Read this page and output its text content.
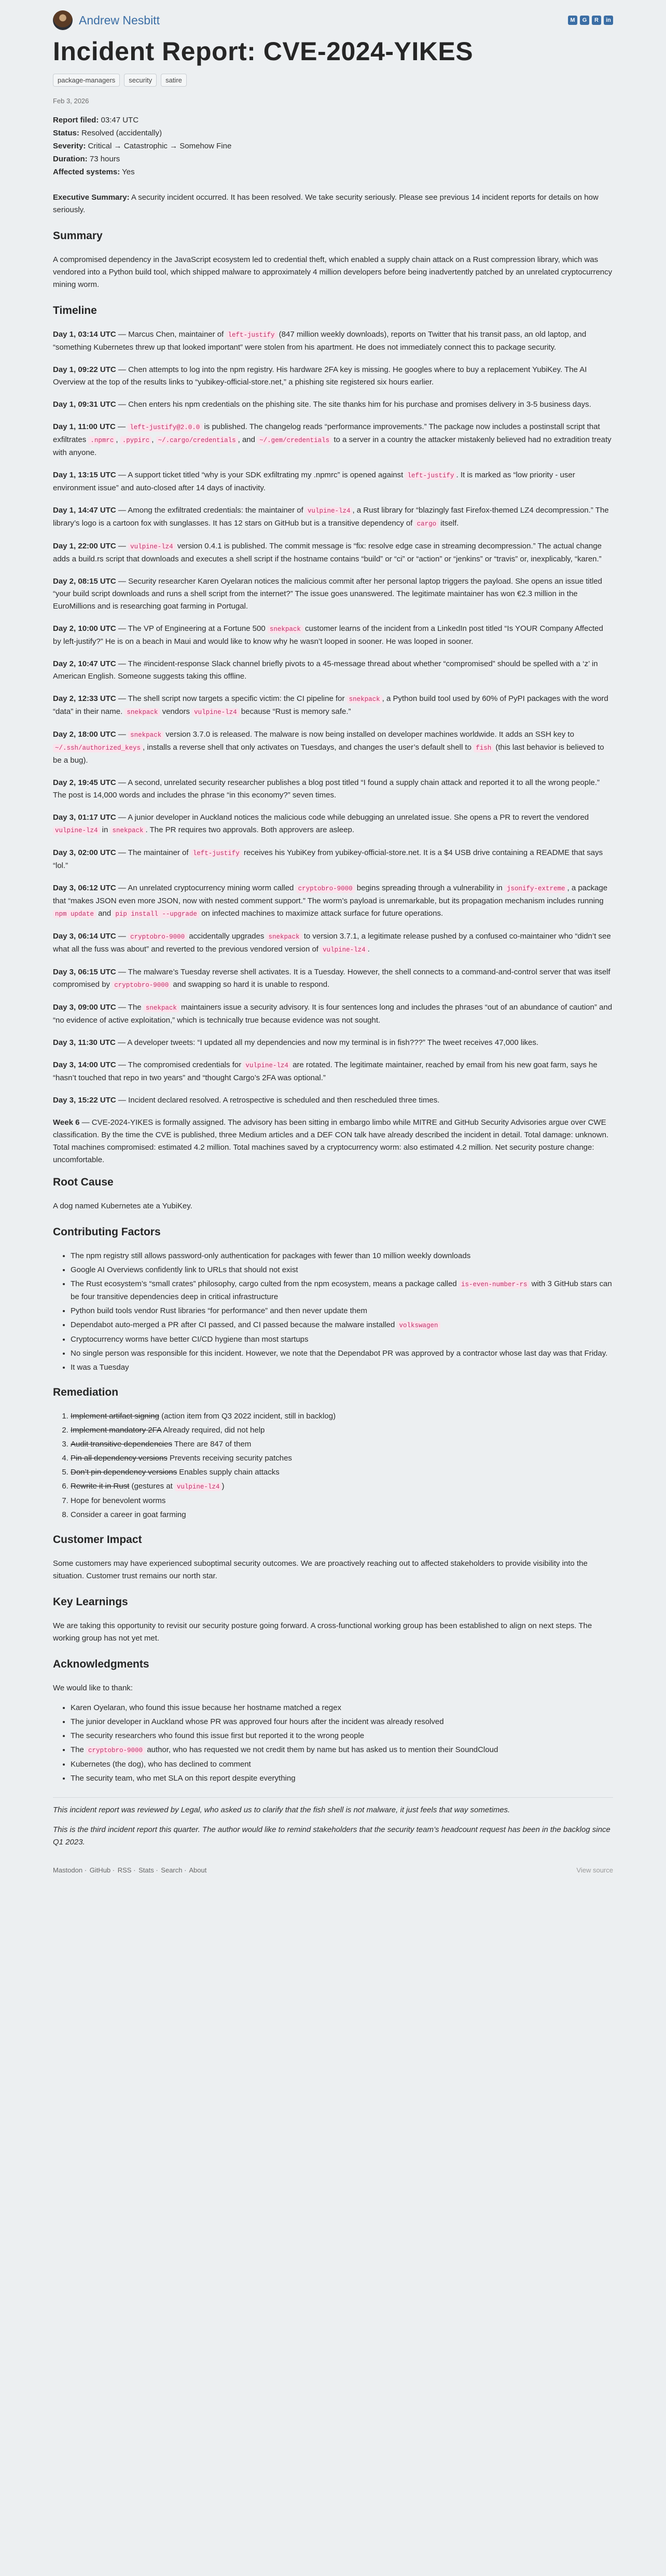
Andrew Nesbitt	M	G	R	in
Incident Report: CVE-2024-YIKES
package-managers	security	satire
Feb 3, 2026

Report filed: 03:47 UTC

Status: Resolved (accidentally)

Severity: Critical → Catastrophic → Somehow Fine

Duration: 73 hours

Affected systems: Yes

Executive Summary: A security incident occurred. It has been resolved. We take security seriously. Please see previous 14 incident reports for details on how seriously.

Summary

A compromised dependency in the JavaScript ecosystem led to credential theft, which enabled a supply chain attack on a Rust compression library, which was vendored into a Python build tool, which shipped malware to approximately 4 million developers before being inadvertently patched by an unrelated cryptocurrency mining worm.

Timeline

Day 1, 03:14 UTC — Marcus Chen, maintainer of left-justify (847 million weekly downloads), reports on Twitter that his transit pass, an old laptop, and “something Kubernetes threw up that looked important” were stolen from his apartment. He does not immediately connect this to package security.

Day 1, 09:22 UTC — Chen attempts to log into the npm registry. His hardware 2FA key is missing. He googles where to buy a replacement YubiKey. The AI Overview at the top of the results links to “yubikey-official-store.net,” a phishing site registered six hours earlier.

Day 1, 09:31 UTC — Chen enters his npm credentials on the phishing site. The site thanks him for his purchase and promises delivery in 3-5 business days.

Day 1, 11:00 UTC — left-justify@2.0.0 is published. The changelog reads “performance improvements.” The package now includes a postinstall script that exfiltrates .npmrc , .pypirc , ~/.cargo/credentials , and ~/.gem/credentials to a server in a country the attacker mistakenly believed had no extradition treaty with anyone.

Day 1, 13:15 UTC — A support ticket titled “why is your SDK exfiltrating my .npmrc” is opened against left-justify . It is marked as “low priority - user environment issue” and auto-closed after 14 days of inactivity.

Day 1, 14:47 UTC — Among the exfiltrated credentials: the maintainer of vulpine-lz4 , a Rust library for “blazingly fast Firefox-themed LZ4 decompression.” The library’s logo is a cartoon fox with sunglasses. It has 12 stars on GitHub but is a transitive dependency of cargo itself.

Day 1, 22:00 UTC — vulpine-lz4 version 0.4.1 is published. The commit message is “fix: resolve edge case in streaming decompression.” The actual change adds a build.rs script that downloads and executes a shell script if the hostname contains “build” or “ci” or “action” or “jenkins” or “travis” or, inexplicably, “karen.”

Day 2, 08:15 UTC — Security researcher Karen Oyelaran notices the malicious commit after her personal laptop triggers the payload. She opens an issue titled “your build script downloads and runs a shell script from the internet?” The issue goes unanswered. The legitimate maintainer has won €2.3 million in the EuroMillions and is researching goat farming in Portugal.

Day 2, 10:00 UTC — The VP of Engineering at a Fortune 500 snekpack customer learns of the incident from a LinkedIn post titled “Is YOUR Company Affected by left-justify?” He is on a beach in Maui and would like to know why he wasn’t looped in sooner. He was looped in sooner.

Day 2, 10:47 UTC — The #incident-response Slack channel briefly pivots to a 45-message thread about whether “compromised” should be spelled with a ‘z’ in American English. Someone suggests taking this offline.

Day 2, 12:33 UTC — The shell script now targets a specific victim: the CI pipeline for snekpack , a Python build tool used by 60% of PyPI packages with the word “data” in their name. snekpack vendors vulpine-lz4 because “Rust is memory safe.”

Day 2, 18:00 UTC — snekpack version 3.7.0 is released. The malware is now being installed on developer machines worldwide. It adds an SSH key to ~/.ssh/authorized_keys , installs a reverse shell that only activates on Tuesdays, and changes the user’s default shell to fish (this last behavior is believed to be a bug).

Day 2, 19:45 UTC — A second, unrelated security researcher publishes a blog post titled “I found a supply chain attack and reported it to all the wrong people.” The post is 14,000 words and includes the phrase “in this economy?” seven times.

Day 3, 01:17 UTC — A junior developer in Auckland notices the malicious code while debugging an unrelated issue. She opens a PR to revert the vendored vulpine-lz4 in snekpack . The PR requires two approvals. Both approvers are asleep.

Day 3, 02:00 UTC — The maintainer of left-justify receives his YubiKey from yubikey-official-store.net. It is a $4 USB drive containing a README that says “lol.”

Day 3, 06:12 UTC — An unrelated cryptocurrency mining worm called cryptobro-9000 begins spreading through a vulnerability in jsonify-extreme , a package that “makes JSON even more JSON, now with nested comment support.” The worm’s payload is unremarkable, but its propagation mechanism includes running npm update and pip install --upgrade on infected machines to maximize attack surface for future operations.

Day 3, 06:14 UTC — cryptobro-9000 accidentally upgrades snekpack to version 3.7.1, a legitimate release pushed by a confused co-maintainer who “didn’t see what all the fuss was about” and reverted to the previous vendored version of vulpine-lz4 .

Day 3, 06:15 UTC — The malware’s Tuesday reverse shell activates. It is a Tuesday. However, the shell connects to a command-and-control server that was itself compromised by cryptobro-9000 and swapping so hard it is unable to respond.

Day 3, 09:00 UTC — The snekpack maintainers issue a security advisory. It is four sentences long and includes the phrases “out of an abundance of caution” and “no evidence of active exploitation,” which is technically true because evidence was not sought.

Day 3, 11:30 UTC — A developer tweets: “I updated all my dependencies and now my terminal is in fish???” The tweet receives 47,000 likes.

Day 3, 14:00 UTC — The compromised credentials for vulpine-lz4 are rotated. The legitimate maintainer, reached by email from his new goat farm, says he “hasn’t touched that repo in two years” and “thought Cargo’s 2FA was optional.”

Day 3, 15:22 UTC — Incident declared resolved. A retrospective is scheduled and then rescheduled three times.

Week 6 — CVE-2024-YIKES is formally assigned. The advisory has been sitting in embargo limbo while MITRE and GitHub Security Advisories argue over CWE classification. By the time the CVE is published, three Medium articles and a DEF CON talk have already described the incident in detail. Total damage: unknown. Total machines compromised: estimated 4.2 million. Total machines saved by a cryptocurrency worm: also estimated 4.2 million. Net security posture change: uncomfortable.

Root Cause

A dog named Kubernetes ate a YubiKey.

Contributing Factors
• The npm registry still allows password-only authentication for packages with fewer than 10 million weekly downloads
• Google AI Overviews confidently link to URLs that should not exist
• The Rust ecosystem’s “small crates” philosophy, cargo culted from the npm ecosystem, means a package called is-even-number-rs with 3 GitHub stars can be four transitive dependencies deep in critical infrastructure
• Python build tools vendor Rust libraries “for performance” and then never update them
• Dependabot auto-merged a PR after CI passed, and CI passed because the malware installed volkswagen
• Cryptocurrency worms have better CI/CD hygiene than most startups
• No single person was responsible for this incident. However, we note that the Dependabot PR was approved by a contractor whose last day was that Friday.
• It was a Tuesday
Remediation
1. Implement artifact signing (action item from Q3 2022 incident, still in backlog)
2. Implement mandatory 2FA Already required, did not help
3. Audit transitive dependencies There are 847 of them
4. Pin all dependency versions Prevents receiving security patches
5. Don’t pin dependency versions Enables supply chain attacks
6. Rewrite it in Rust (gestures at vulpine-lz4 )
7. Hope for benevolent worms
8. Consider a career in goat farming
Customer Impact

Some customers may have experienced suboptimal security outcomes. We are proactively reaching out to affected stakeholders to provide visibility into the situation. Customer trust remains our north star.

Key Learnings

We are taking this opportunity to revisit our security posture going forward. A cross-functional working group has been established to align on next steps. The working group has not yet met.

Acknowledgments

We would like to thank:

• Karen Oyelaran, who found this issue because her hostname matched a regex
• The junior developer in Auckland whose PR was approved four hours after the incident was already resolved
• The security researchers who found this issue first but reported it to the wrong people
• The cryptobro-9000 author, who has requested we not credit them by name but has asked us to mention their SoundCloud
• Kubernetes (the dog), who has declined to comment
• The security team, who met SLA on this report despite everything

This incident report was reviewed by Legal, who asked us to clarify that the fish shell is not malware, it just feels that way sometimes.

This is the third incident report this quarter. The author would like to remind stakeholders that the security team’s headcount request has been in the backlog since Q1 2023.

Mastodon · GitHub · RSS · Stats · Search · About	View source
